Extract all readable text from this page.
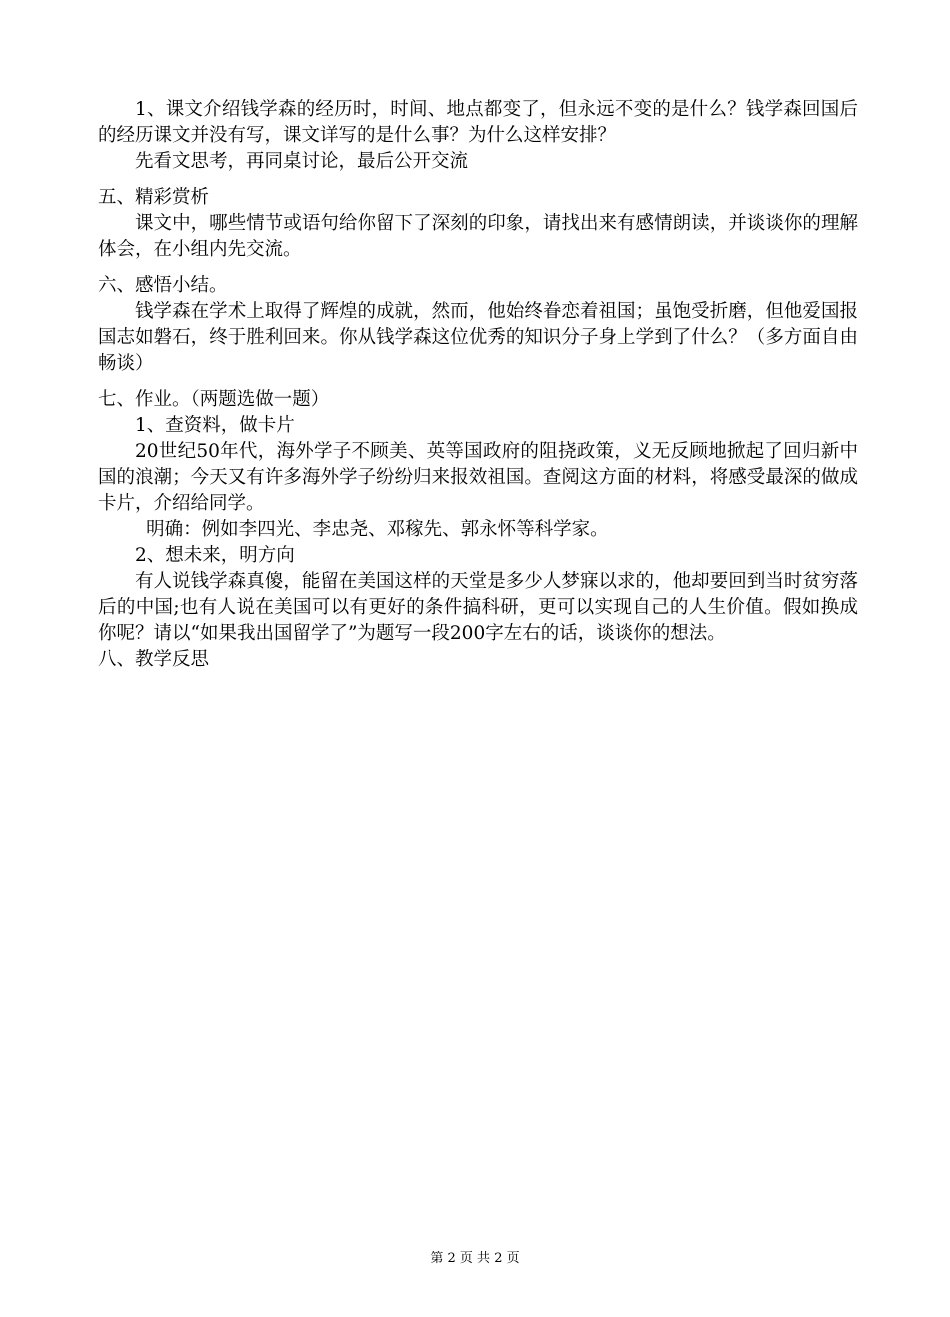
1、课文介绍钱学森的经历时，时间、地点都变了，但永远不变的是什么？钱学森回国后的经历课文并没有写，课文详写的是什么事？为什么这样安排？

先看文思考，再同桌讨论，最后公开交流

五、精彩赏析

课文中，哪些情节或语句给你留下了深刻的印象，请找出来有感情朗读，并谈谈你的理解体会，在小组内先交流。

六、感悟小结。

钱学森在学术上取得了辉煌的成就，然而，他始终眷恋着祖国；虽饱受折磨，但他爱国报国志如磐石，终于胜利回来。你从钱学森这位优秀的知识分子身上学到了什么？（多方面自由畅谈）

七、作业。（两题选做一题）

1、查资料，做卡片

20世纪50年代，海外学子不顾美、英等国政府的阻挠政策，义无反顾地掀起了回归新中国的浪潮；今天又有许多海外学子纷纷归来报效祖国。查阅这方面的材料，将感受最深的做成卡片，介绍给同学。

明确：例如李四光、李忠尧、邓稼先、郭永怀等科学家。

2、想未来，明方向

有人说钱学森真傻，能留在美国这样的天堂是多少人梦寐以求的，他却要回到当时贫穷落后的中国;也有人说在美国可以有更好的条件搞科研，更可以实现自己的人生价值。假如换成你呢？请以“如果我出国留学了”为题写一段200字左右的话，谈谈你的想法。

八、教学反思

第 2 页 共 2 页
